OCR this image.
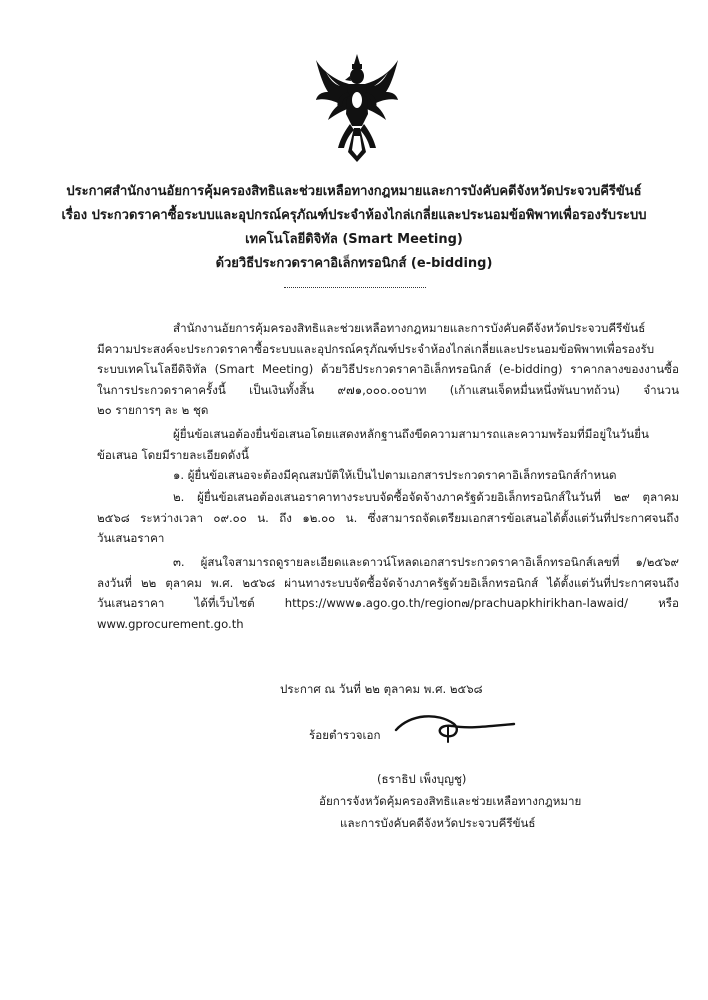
ประกาศสำนักงานอัยการคุ้มครองสิทธิและช่วยเหลือทางกฎหมายและการบังคับคดีจังหวัดประจวบคีรีขันธ์
เรื่อง ประกวดราคาซื้อระบบและอุปกรณ์ครุภัณฑ์ประจำห้องไกล่เกลี่ยและประนอมข้อพิพาทเพื่อรองรับระบบ
เทคโนโลยีดิจิทัล (Smart Meeting)
ด้วยวิธีประกวดราคาอิเล็กทรอนิกส์ (e-bidding)
สำนักงานอัยการคุ้มครองสิทธิและช่วยเหลือทางกฎหมายและการบังคับคดีจังหวัดประจวบคีรีขันธ์
มีความประสงค์จะประกวดราคาซื้อระบบและอุปกรณ์ครุภัณฑ์ประจำห้องไกล่เกลี่ยและประนอมข้อพิพาทเพื่อรองรับ
ระบบเทคโนโลยีดิจิทัล (Smart Meeting) ด้วยวิธีประกวดราคาอิเล็กทรอนิกส์ (e-bidding) ราคากลางของงานซื้อ
ในการประกวดราคาครั้งนี้ เป็นเงินทั้งสิ้น ๙๗๑,๐๐๐.๐๐บาท (เก้าแสนเจ็ดหมื่นหนึ่งพันบาทถ้วน) จำนวน
๒๐ รายการๆ ละ ๒ ชุด
ผู้ยื่นข้อเสนอต้องยื่นข้อเสนอโดยแสดงหลักฐานถึงขีดความสามารถและความพร้อมที่มีอยู่ในวันยื่น
ข้อเสนอ โดยมีรายละเอียดดังนี้
๑. ผู้ยื่นข้อเสนอจะต้องมีคุณสมบัติให้เป็นไปตามเอกสารประกวดราคาอิเล็กทรอนิกส์กำหนด
๒. ผู้ยื่นข้อเสนอต้องเสนอราคาทางระบบจัดซื้อจัดจ้างภาครัฐด้วยอิเล็กทรอนิกส์ในวันที่ ๒๙ ตุลาคม
๒๕๖๘ ระหว่างเวลา ๐๙.๐๐ น. ถึง ๑๒.๐๐ น. ซึ่งสามารถจัดเตรียมเอกสารข้อเสนอได้ตั้งแต่วันที่ประกาศจนถึง
วันเสนอราคา
๓. ผู้สนใจสามารถดูรายละเอียดและดาวน์โหลดเอกสารประกวดราคาอิเล็กทรอนิกส์เลขที่ ๑/๒๕๖๙
ลงวันที่ ๒๒ ตุลาคม พ.ศ. ๒๕๖๘ ผ่านทางระบบจัดซื้อจัดจ้างภาครัฐด้วยอิเล็กทรอนิกส์ ได้ตั้งแต่วันที่ประกาศจนถึง
วันเสนอราคา ได้ที่เว็บไซต์ https://www๑.ago.go.th/region๗/prachuapkhirikhan-lawaid/ หรือ
www.gprocurement.go.th
ประกาศ ณ วันที่ ๒๒ ตุลาคม พ.ศ. ๒๕๖๘
ร้อยตำรวจเอก
(ธราธิป เพ็งบุญชู)
อัยการจังหวัดคุ้มครองสิทธิและช่วยเหลือทางกฎหมาย
และการบังคับคดีจังหวัดประจวบคีรีขันธ์
